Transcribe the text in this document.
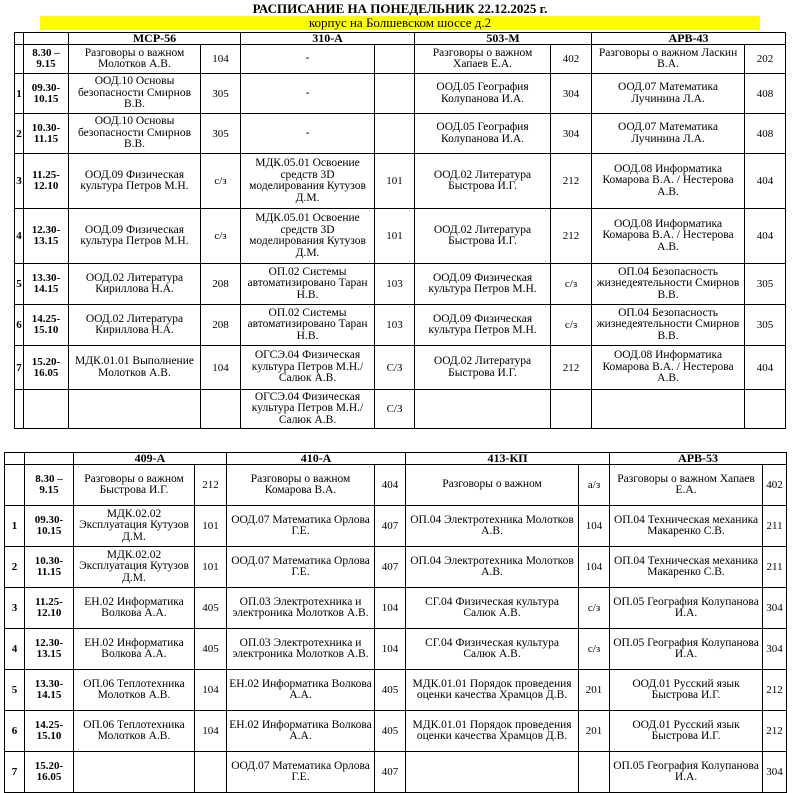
РАСПИСАНИЕ НА ПОНЕДЕЛЬНИК 22.12.2025 г.
корпус на Болшевском шоссе д.2
		МСР-56		310-А		503-М		АРВ-43	
	8.30 – 9.15	Разговоры о важном Молотков А.В.	104	-		Разговоры о важном Хапаев Е.А.	402	Разговоры о важном Ласкин В.А.	202
1	09.30-10.15	ООД.10 Основы безопасности Смирнов В.В.	305	-		ООД.05 География Колупанова И.А.	304	ООД.07 Математика Лучинина Л.А.	408
2	10.30-11.15	ООД.10 Основы безопасности Смирнов В.В.	305	-		ООД.05 География Колупанова И.А.	304	ООД.07 Математика Лучинина Л.А.	408
3	11.25-12.10	ООД.09 Физическая культура Петров М.Н.	с/з	МДК.05.01 Освоение средств 3D моделирования Кутузов Д.М.	101	ООД.02 Литература Быстрова И.Г.	212	ООД.08 Информатика Комарова В.А. / Нестерова А.В.	404
4	12.30-13.15	ООД.09 Физическая культура Петров М.Н.	с/з	МДК.05.01 Освоение средств 3D моделирования Кутузов Д.М.	101	ООД.02 Литература Быстрова И.Г.	212	ООД.08 Информатика Комарова В.А. / Нестерова А.В.	404
5	13.30-14.15	ООД.02 Литература Кириллова Н.А.	208	ОП.02 Системы автоматизировано Таран Н.В.	103	ООД.09 Физическая культура Петров М.Н.	с/з	ОП.04 Безопасность жизнедеятельности Смирнов В.В.	305
6	14.25-15.10	ООД.02 Литература Кириллова Н.А.	208	ОП.02 Системы автоматизировано Таран Н.В.	103	ООД.09 Физическая культура Петров М.Н.	с/з	ОП.04 Безопасность жизнедеятельности Смирнов В.В.	305
7	15.20-16.05	МДК.01.01 Выполнение Молотков А.В.	104	ОГСЭ.04 Физическая культура Петров М.Н./Салюк А.В.	С/З	ООД.02 Литература Быстрова И.Г.	212	ООД.08 Информатика Комарова В.А. / Нестерова А.В.	404
				ОГСЭ.04 Физическая культура Петров М.Н./Салюк А.В.	С/З				
		409-А		410-А		413-КП		АРВ-53	
	8.30 – 9.15	Разговоры о важном Быстрова И.Г.	212	Разговоры о важном Комарова В.А.	404	Разговоры о важном	а/з	Разговоры о важном Хапаев Е.А.	402
1	09.30-10.15	МДК.02.02 Эксплуатация Кутузов Д.М.	101	ООД.07 Математика Орлова Г.Е.	407	ОП.04 Электротехника Молотков А.В.	104	ОП.04 Техническая механика Макаренко С.В.	211
2	10.30-11.15	МДК.02.02 Эксплуатация Кутузов Д.М.	101	ООД.07 Математика Орлова Г.Е.	407	ОП.04 Электротехника Молотков А.В.	104	ОП.04 Техническая механика Макаренко С.В.	211
3	11.25-12.10	ЕН.02 Информатика Волкова А.А.	405	ОП.03 Электротехника и электроника Молотков А.В.	104	СГ.04 Физическая культура Салюк А.В.	с/з	ОП.05 География Колупанова И.А.	304
4	12.30-13.15	ЕН.02 Информатика Волкова А.А.	405	ОП.03 Электротехника и электроника Молотков А.В.	104	СГ.04 Физическая культура Салюк А.В.	с/з	ОП.05 География Колупанова И.А.	304
5	13.30-14.15	ОП.06 Теплотехника Молотков А.В.	104	ЕН.02 Информатика Волкова А.А.	405	МДК.01.01 Порядок проведения оценки качества Храмцов Д.В.	201	ООД.01 Русский язык Быстрова И.Г.	212
6	14.25-15.10	ОП.06 Теплотехника Молотков А.В.	104	ЕН.02 Информатика Волкова А.А.	405	МДК.01.01 Порядок проведения оценки качества Храмцов Д.В.	201	ООД.01 Русский язык Быстрова И.Г.	212
7	15.20-16.05			ООД.07 Математика Орлова Г.Е.	407			ОП.05 География Колупанова И.А.	304
